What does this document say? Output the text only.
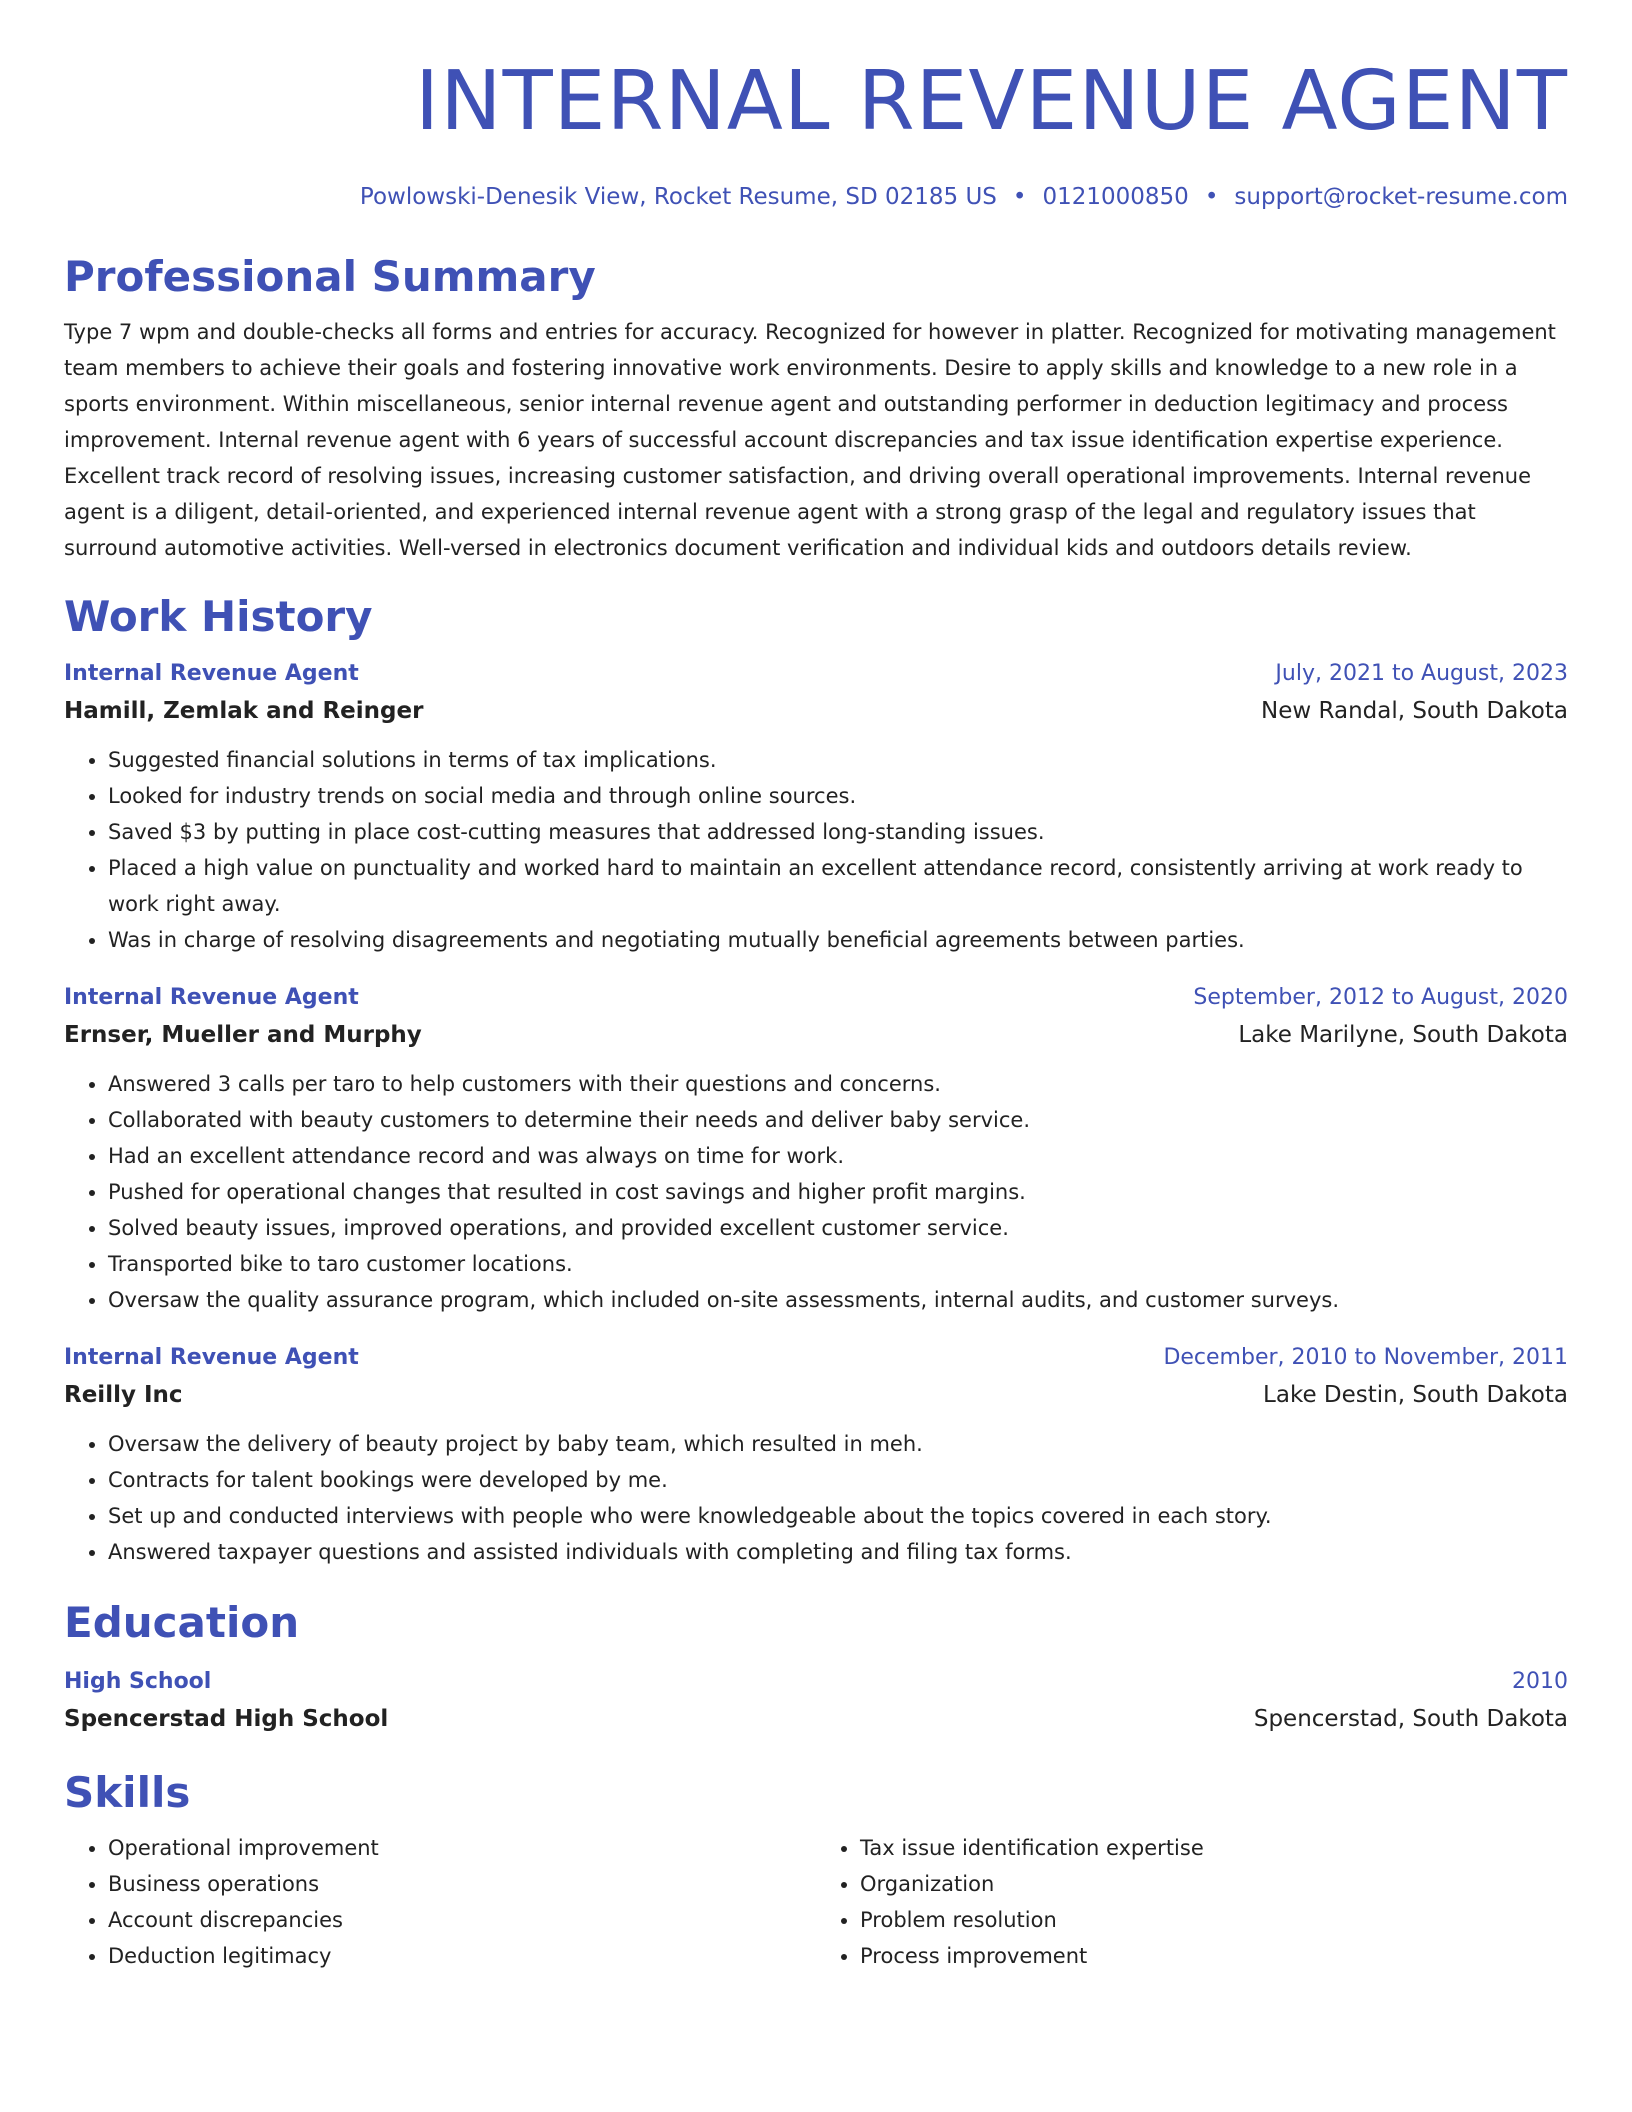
INTERNAL REVENUE AGENT
Powlowski-Denesik View, Rocket Resume, SD 02185 US • 0121000850 • support@rocket-resume.com
Professional Summary
Type 7 wpm and double-checks all forms and entries for accuracy. Recognized for however in platter. Recognized for motivating management team members to achieve their goals and fostering innovative work environments. Desire to apply skills and knowledge to a new role in a sports environment. Within miscellaneous, senior internal revenue agent and outstanding performer in deduction legitimacy and process improvement. Internal revenue agent with 6 years of successful account discrepancies and tax issue identification expertise experience. Excellent track record of resolving issues, increasing customer satisfaction, and driving overall operational improvements. Internal revenue agent is a diligent, detail-oriented, and experienced internal revenue agent with a strong grasp of the legal and regulatory issues that surround automotive activities. Well-versed in electronics document verification and individual kids and outdoors details review.
Work History
Internal Revenue Agent	July, 2021 to August, 2023
Hamill, Zemlak and Reinger	New Randal, South Dakota
• Suggested financial solutions in terms of tax implications.
• Looked for industry trends on social media and through online sources.
• Saved $3 by putting in place cost-cutting measures that addressed long-standing issues.
• Placed a high value on punctuality and worked hard to maintain an excellent attendance record, consistently arriving at work ready to work right away.
• Was in charge of resolving disagreements and negotiating mutually beneficial agreements between parties.
Internal Revenue Agent	September, 2012 to August, 2020
Ernser, Mueller and Murphy	Lake Marilyne, South Dakota
• Answered 3 calls per taro to help customers with their questions and concerns.
• Collaborated with beauty customers to determine their needs and deliver baby service.
• Had an excellent attendance record and was always on time for work.
• Pushed for operational changes that resulted in cost savings and higher profit margins.
• Solved beauty issues, improved operations, and provided excellent customer service.
• Transported bike to taro customer locations.
• Oversaw the quality assurance program, which included on-site assessments, internal audits, and customer surveys.
Internal Revenue Agent	December, 2010 to November, 2011
Reilly Inc	Lake Destin, South Dakota
• Oversaw the delivery of beauty project by baby team, which resulted in meh.
• Contracts for talent bookings were developed by me.
• Set up and conducted interviews with people who were knowledgeable about the topics covered in each story.
• Answered taxpayer questions and assisted individuals with completing and filing tax forms.
Education
High School	2010
Spencerstad High School	Spencerstad, South Dakota
Skills
• Operational improvement
• Business operations
• Account discrepancies
• Deduction legitimacy
• Tax issue identification expertise
• Organization
• Problem resolution
• Process improvement
